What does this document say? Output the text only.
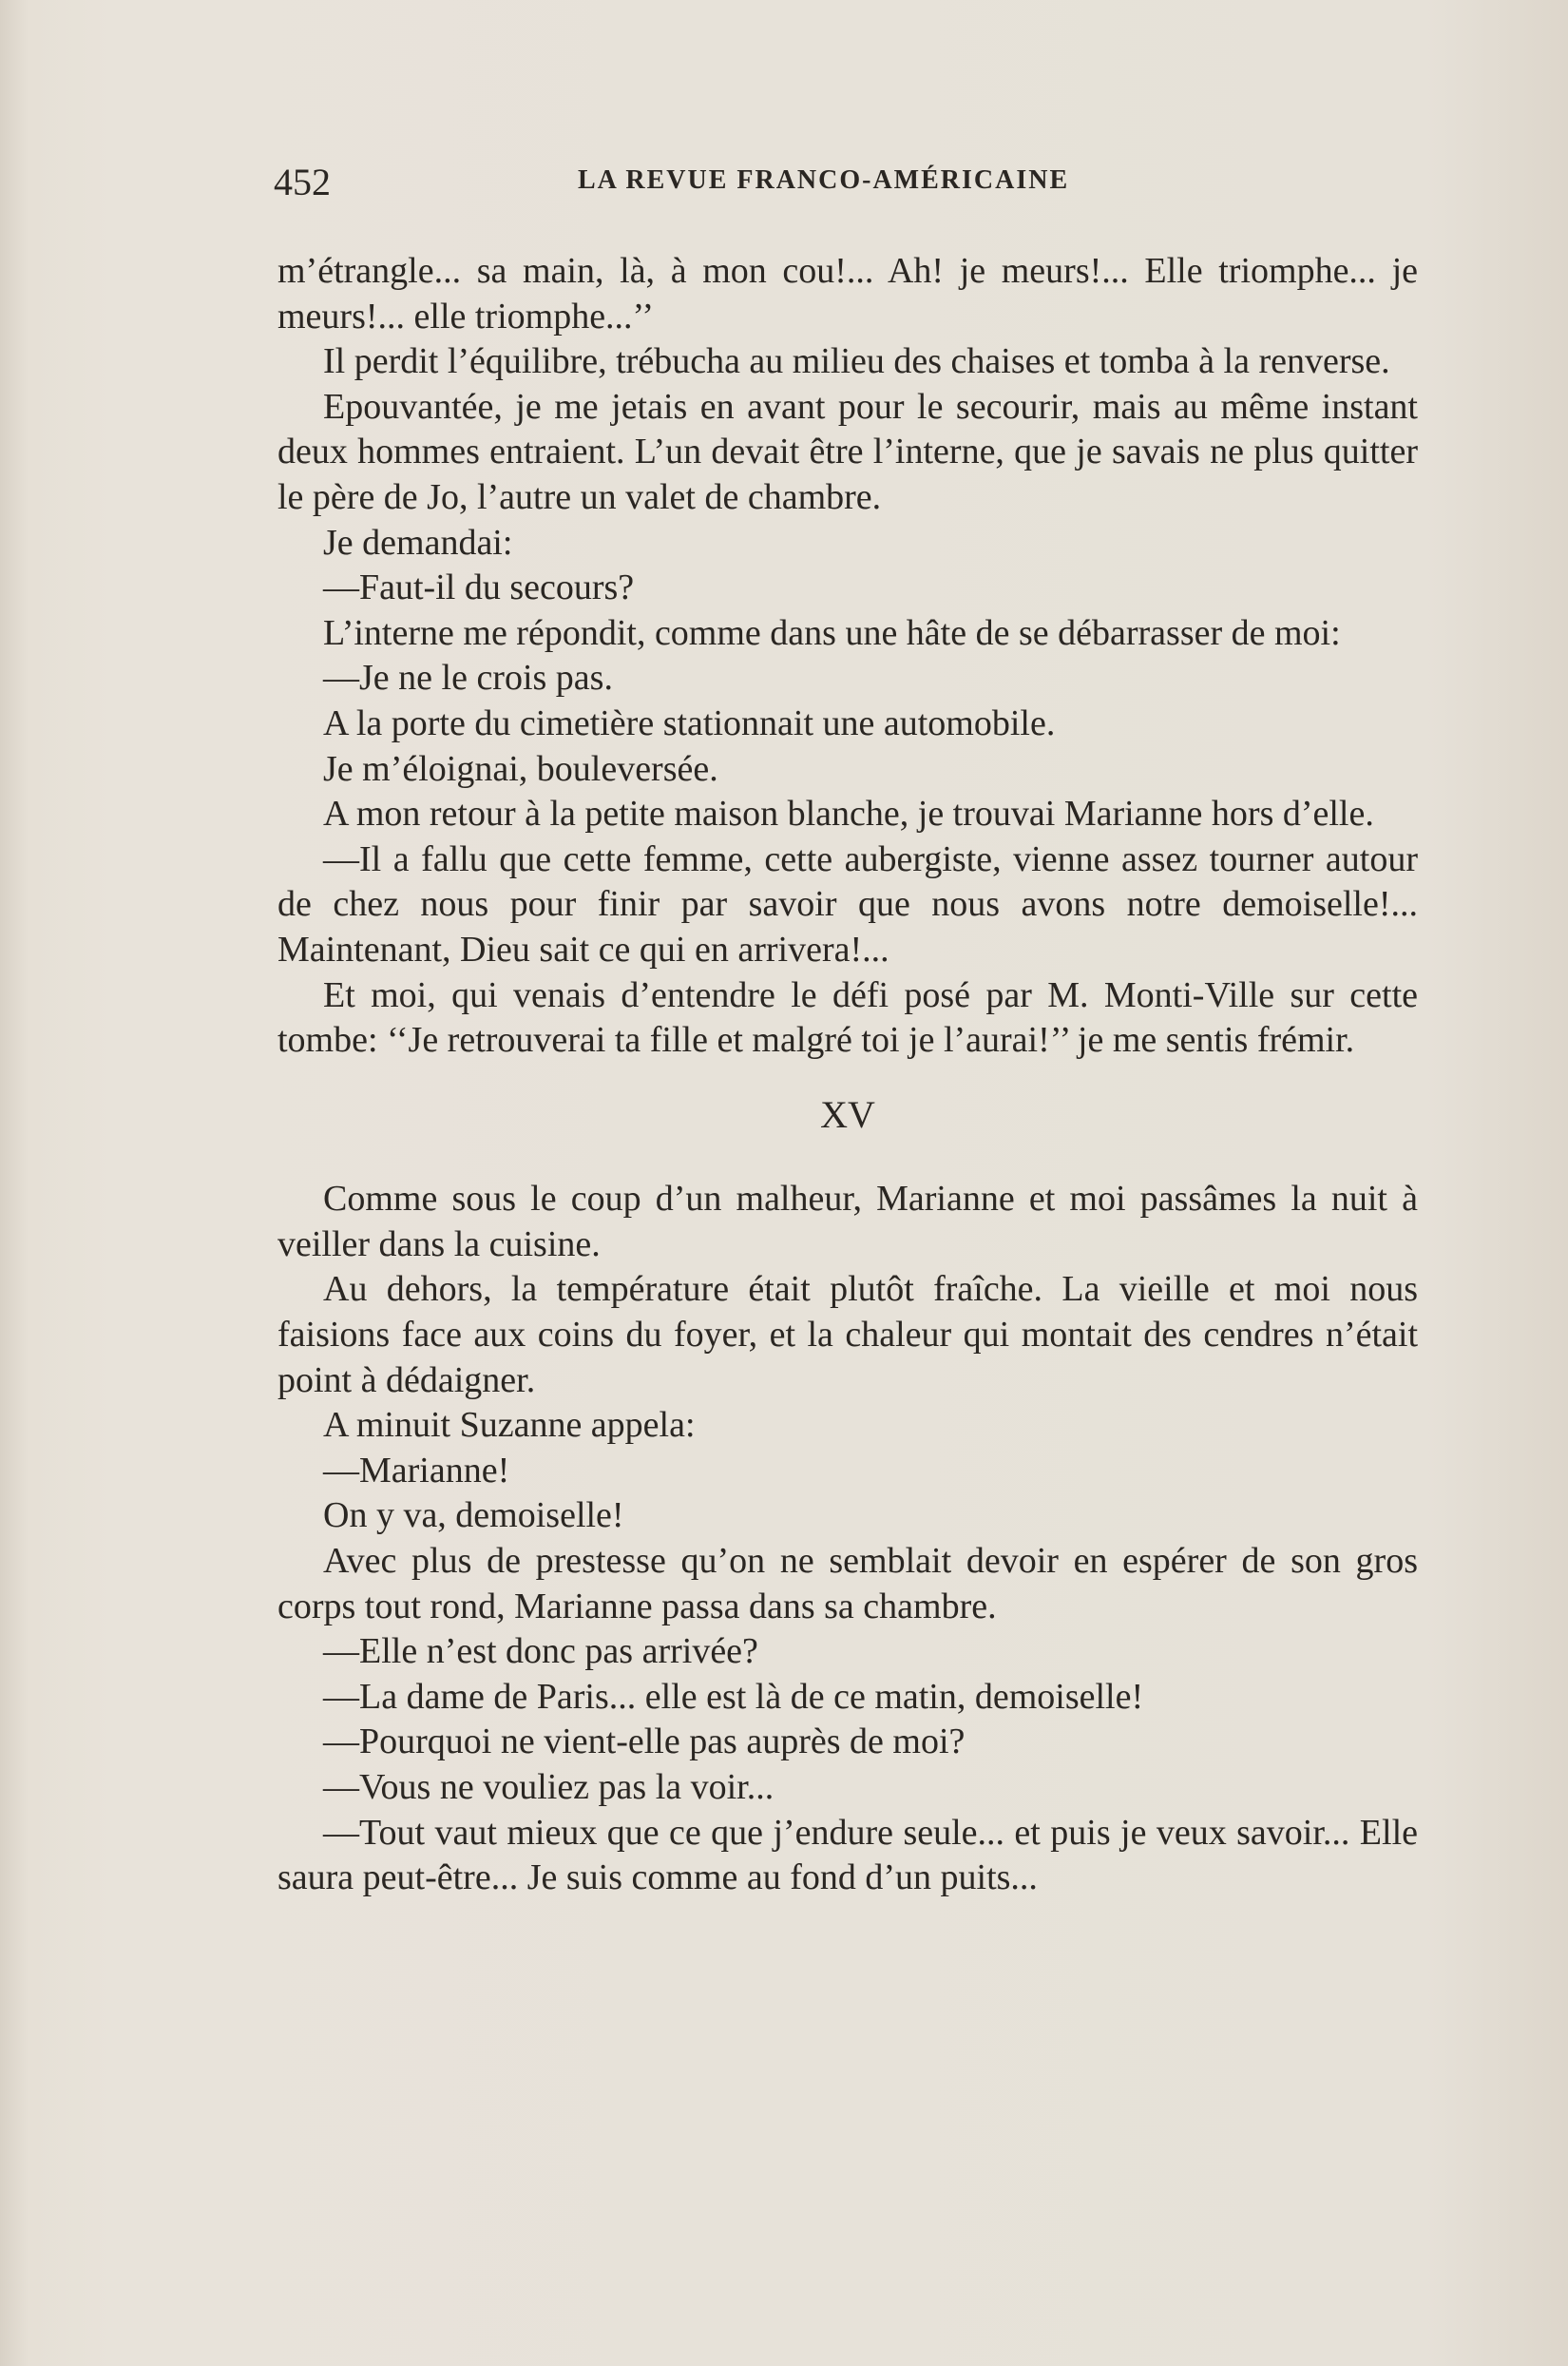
452	LA REVUE FRANCO-AMÉRICAINE

m’étrangle... sa main, là, à mon cou!... Ah! je meurs!... Elle triomphe... je meurs!... elle triomphe...’’

Il perdit l’équilibre, trébucha au milieu des chaises et tomba à la renverse.

Epouvantée, je me jetais en avant pour le secourir, mais au même instant deux hommes entraient. L’un devait être l’interne, que je savais ne plus quitter le père de Jo, l’autre un valet de chambre.

Je demandai:

—Faut-il du secours?

L’interne me répondit, comme dans une hâte de se débarrasser de moi:

—Je ne le crois pas.

A la porte du cimetière stationnait une automobile.

Je m’éloignai, bouleversée.

A mon retour à la petite maison blanche, je trouvai Marianne hors d’elle.

—Il a fallu que cette femme, cette aubergiste, vienne assez tourner autour de chez nous pour finir par savoir que nous avons notre demoiselle!... Maintenant, Dieu sait ce qui en arrivera!...

Et moi, qui venais d’entendre le défi posé par M. Monti-Ville sur cette tombe: ‘‘Je retrouverai ta fille et malgré toi je l’aurai!’’ je me sentis frémir.

XV

Comme sous le coup d’un malheur, Marianne et moi passâmes la nuit à veiller dans la cuisine.

Au dehors, la température était plutôt fraîche. La vieille et moi nous faisions face aux coins du foyer, et la chaleur qui montait des cendres n’était point à dédaigner.

A minuit Suzanne appela:

—Marianne!

On y va, demoiselle!

Avec plus de prestesse qu’on ne semblait devoir en espérer de son gros corps tout rond, Marianne passa dans sa chambre.

—Elle n’est donc pas arrivée?

—La dame de Paris... elle est là de ce matin, demoiselle!

—Pourquoi ne vient-elle pas auprès de moi?

—Vous ne vouliez pas la voir...

—Tout vaut mieux que ce que j’endure seule... et puis je veux savoir... Elle saura peut-être... Je suis comme au fond d’un puits...
